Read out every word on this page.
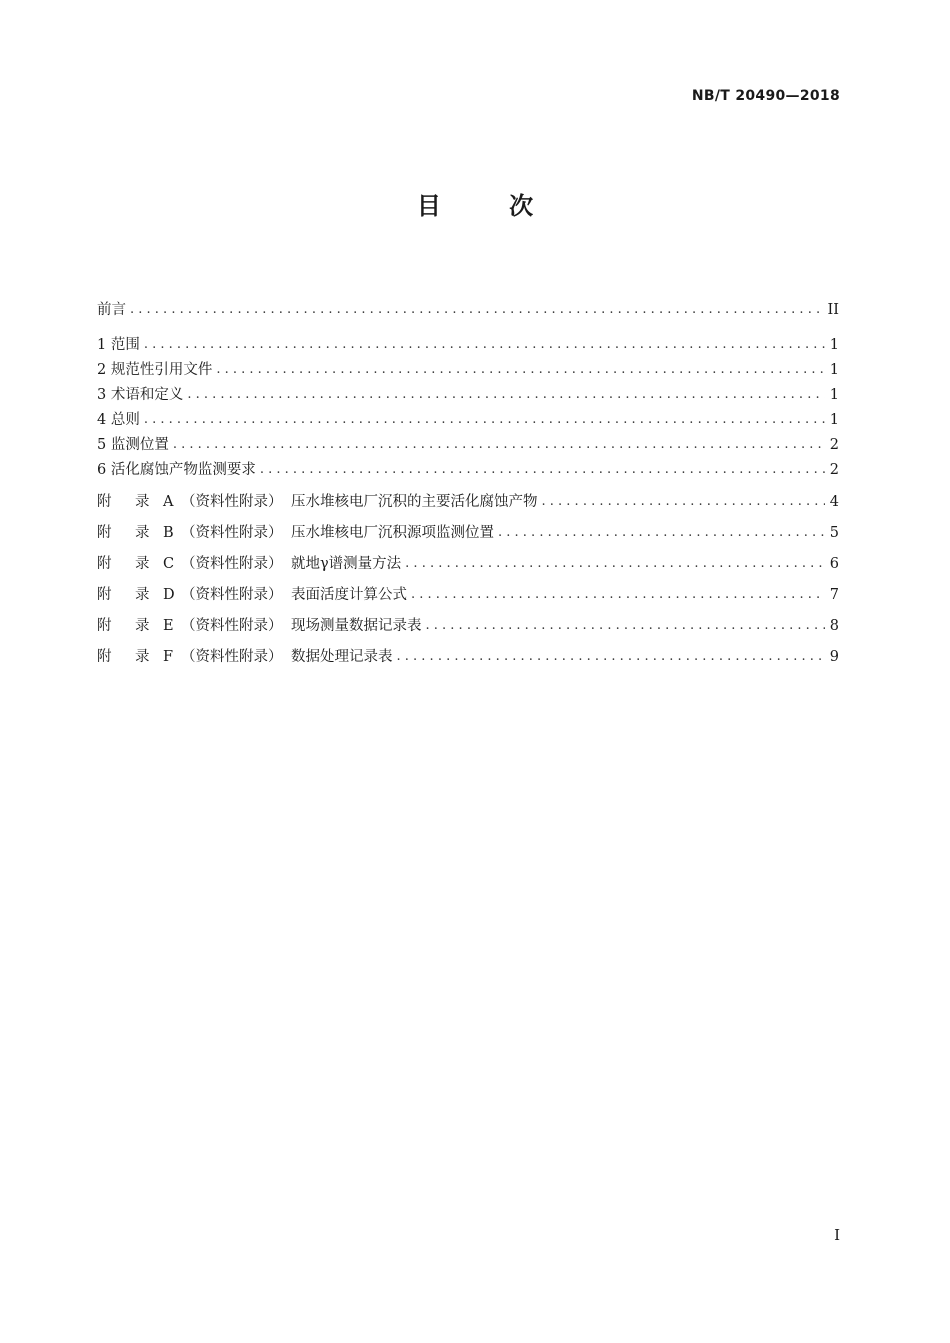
NB/T 20490—2018
目 次
前言 . . .	II
1 范围 . . .	1
2 规范性引用文件 . . .	1
3 术语和定义 . . .	1
4 总则 . . .	1
5 监测位置 . . .	2
6 活化腐蚀产物监测要求 . . .	2
附 录 A （资料性附录） 压水堆核电厂沉积的主要活化腐蚀产物 . . .	4
附 录 B （资料性附录） 压水堆核电厂沉积源项监测位置 . . .	5
附 录 C （资料性附录） 就地γ谱测量方法 . . .	6
附 录 D （资料性附录） 表面活度计算公式 . . .	7
附 录 E （资料性附录） 现场测量数据记录表 . . .	8
附 录 F （资料性附录） 数据处理记录表 . . .	9
I
